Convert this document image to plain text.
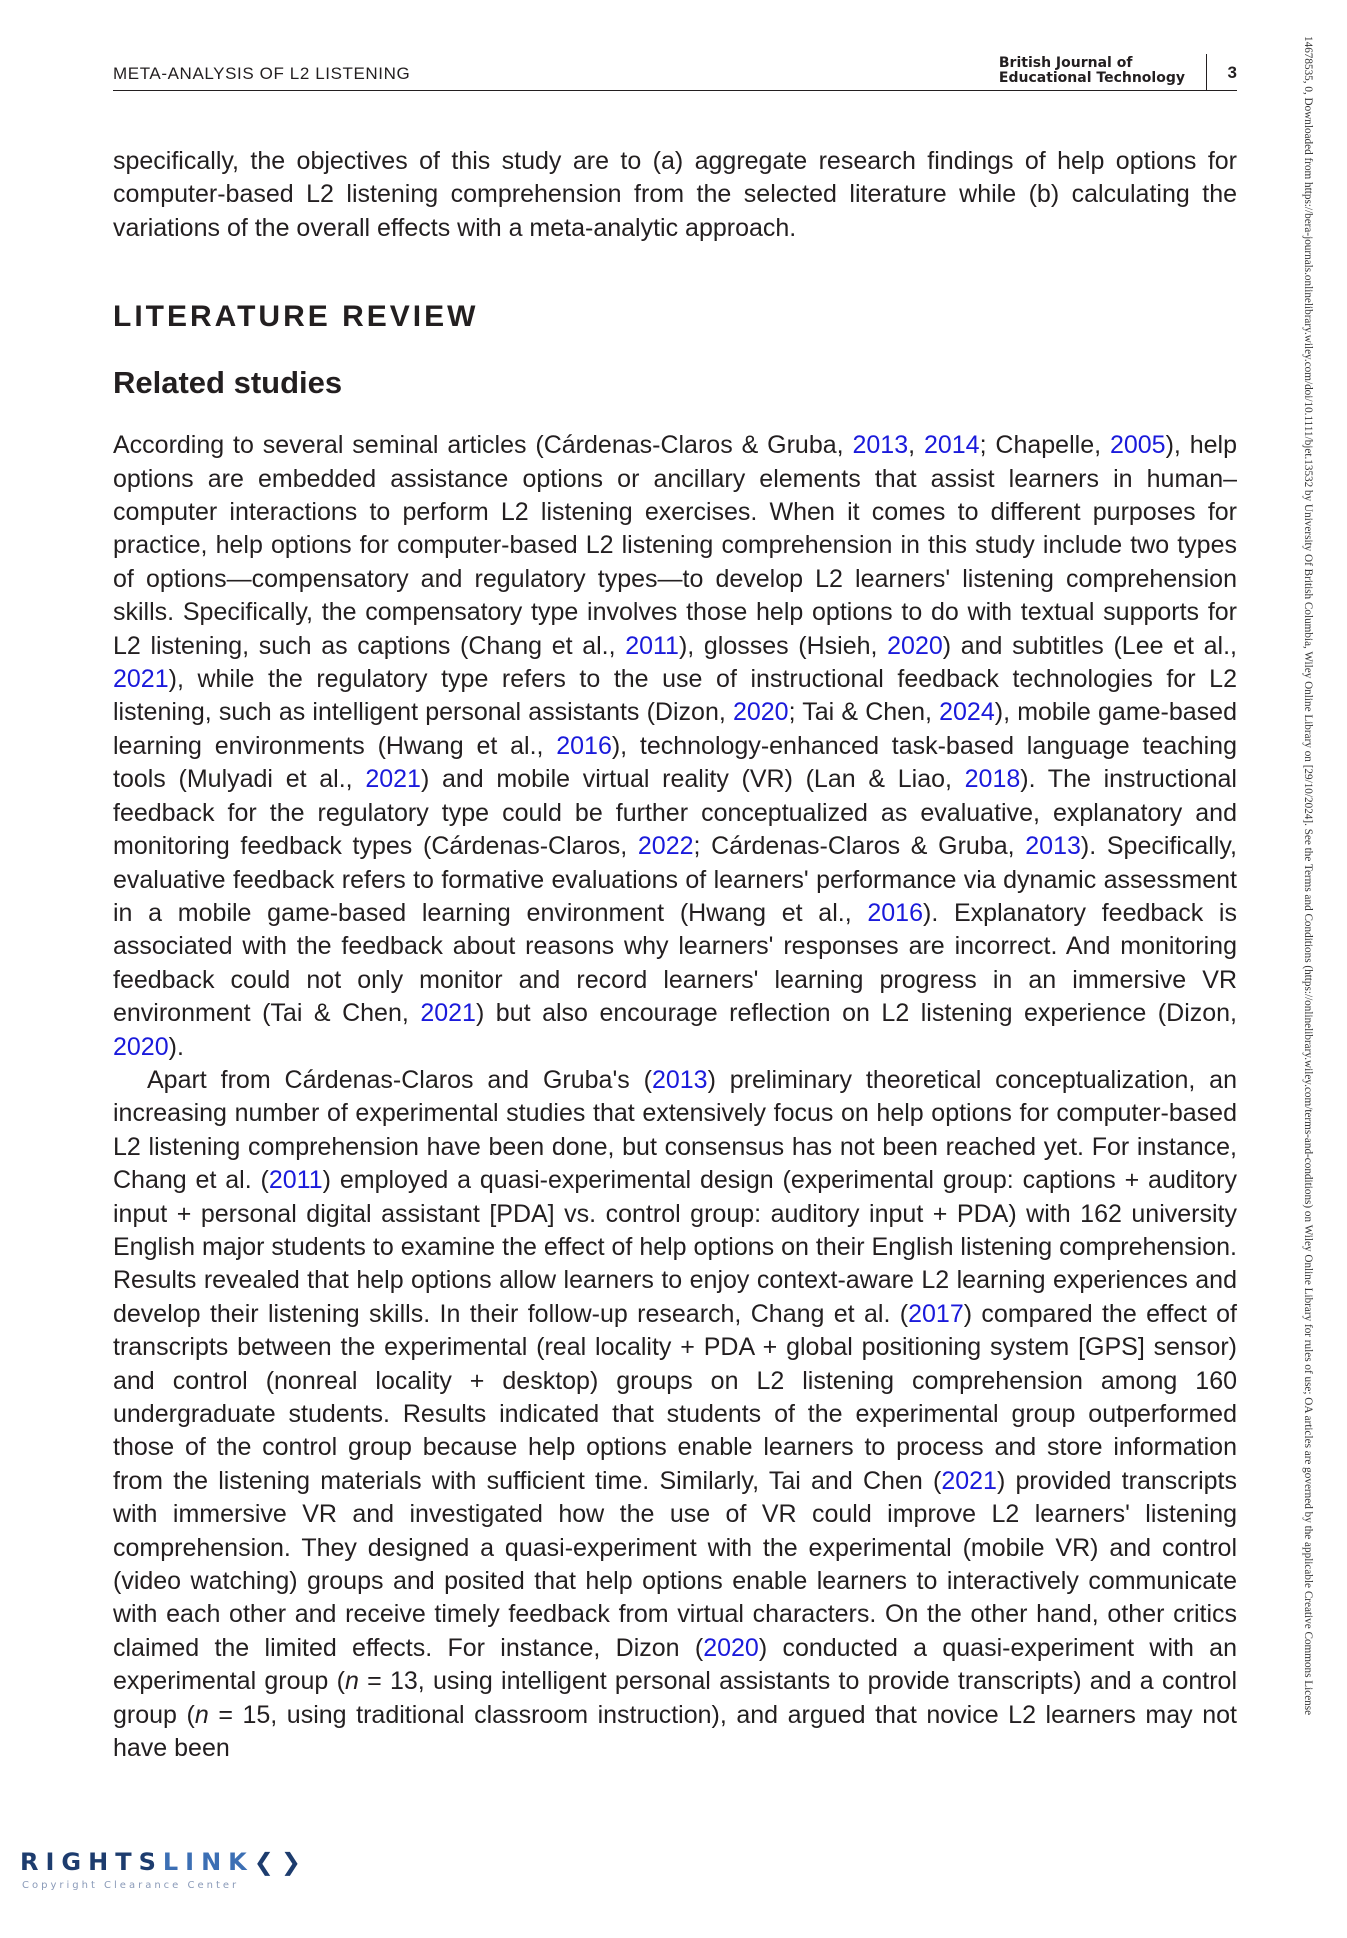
META-ANALYSIS OF L2 LISTENING
British Journal of
Educational Technology	3	14678535, 0, Downloaded from https://bera-journals.onlinelibrary.wiley.com/doi/10.1111/bjet.13532 by University Of British Columbia, Wiley Online Library on [29/10/2024]. See the Terms and Conditions (https://onlinelibrary.wiley.com/terms-and-conditions) on Wiley Online Library for rules of use; OA articles are governed by the applicable Creative Commons License

specifically, the objectives of this study are to (a) aggregate research findings of help options for computer-based L2 listening comprehension from the selected literature while (b) calculating the variations of the overall effects with a meta-analytic approach.

LITERATURE REVIEW
Related studies

According to several seminal articles (Cárdenas-Claros & Gruba, 2013, 2014; Chapelle, 2005), help options are embedded assistance options or ancillary elements that assist learners in human–computer interactions to perform L2 listening exercises. When it comes to different purposes for practice, help options for computer-based L2 listening comprehension in this study include two types of options—compensatory and regulatory types—to develop L2 learners' listening comprehension skills. Specifically, the compensatory type involves those help options to do with textual supports for L2 listening, such as captions (Chang et al., 2011), glosses (Hsieh, 2020) and subtitles (Lee et al., 2021), while the regulatory type refers to the use of instructional feedback technologies for L2 listening, such as intelligent personal assistants (Dizon, 2020; Tai & Chen, 2024), mobile game-based learning environments (Hwang et al., 2016), technology-enhanced task-based language teaching tools (Mulyadi et al., 2021) and mobile virtual reality (VR) (Lan & Liao, 2018). The instructional feedback for the regulatory type could be further conceptualized as evaluative, explanatory and monitoring feedback types (Cárdenas-Claros, 2022; Cárdenas-Claros & Gruba, 2013). Specifically, evaluative feedback refers to formative evaluations of learners' performance via dynamic assessment in a mobile game-based learning environment (Hwang et al., 2016). Explanatory feedback is associated with the feedback about reasons why learners' responses are incorrect. And monitoring feedback could not only monitor and record learners' learning progress in an immersive VR environment (Tai & Chen, 2021) but also encourage reflection on L2 listening experience (Dizon, 2020).

Apart from Cárdenas-Claros and Gruba's (2013) preliminary theoretical conceptualization, an increasing number of experimental studies that extensively focus on help options for computer-based L2 listening comprehension have been done, but consensus has not been reached yet. For instance, Chang et al. (2011) employed a quasi-experimental design (experimental group: captions + auditory input + personal digital assistant [PDA] vs. control group: auditory input + PDA) with 162 university English major students to examine the effect of help options on their English listening comprehension. Results revealed that help options allow learners to enjoy context-aware L2 learning experiences and develop their listening skills. In their follow-up research, Chang et al. (2017) compared the effect of transcripts between the experimental (real locality + PDA + global positioning system [GPS] sensor) and control (nonreal locality + desktop) groups on L2 listening comprehension among 160 undergraduate students. Results indicated that students of the experimental group outperformed those of the control group because help options enable learners to process and store information from the listening materials with sufficient time. Similarly, Tai and Chen (2021) provided transcripts with immersive VR and investigated how the use of VR could improve L2 learners' listening comprehension. They designed a quasi-experiment with the experimental (mobile VR) and control (video watching) groups and posited that help options enable learners to interactively communicate with each other and receive timely feedback from virtual characters. On the other hand, other critics claimed the limited effects. For instance, Dizon (2020) conducted a quasi-experiment with an experimental group (n = 13, using intelligent personal assistants to provide transcripts) and a control group (n = 15, using traditional classroom instruction), and argued that novice L2 learners may not have been

RIGHTSLINK❮❯
Copyright Clearance Center
